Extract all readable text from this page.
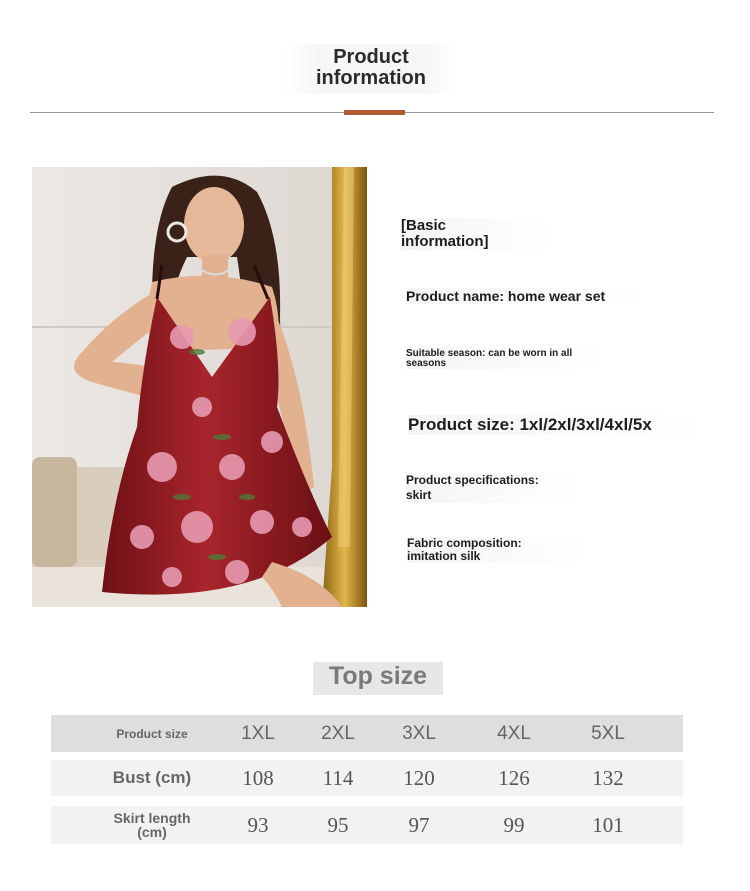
Product
information
[Basic
information]
Product name: home wear set
Suitable season: can be worn in all
seasons
Product size: 1xl/2xl/3xl/4xl/5x
Product specifications:
skirt
Fabric composition:
imitation silk
Top size
Product size	1XL	2XL	3XL	4XL	5XL
Bust (cm)	108	114	120	126	132
Skirt length
(cm)	93	95	97	99	101
